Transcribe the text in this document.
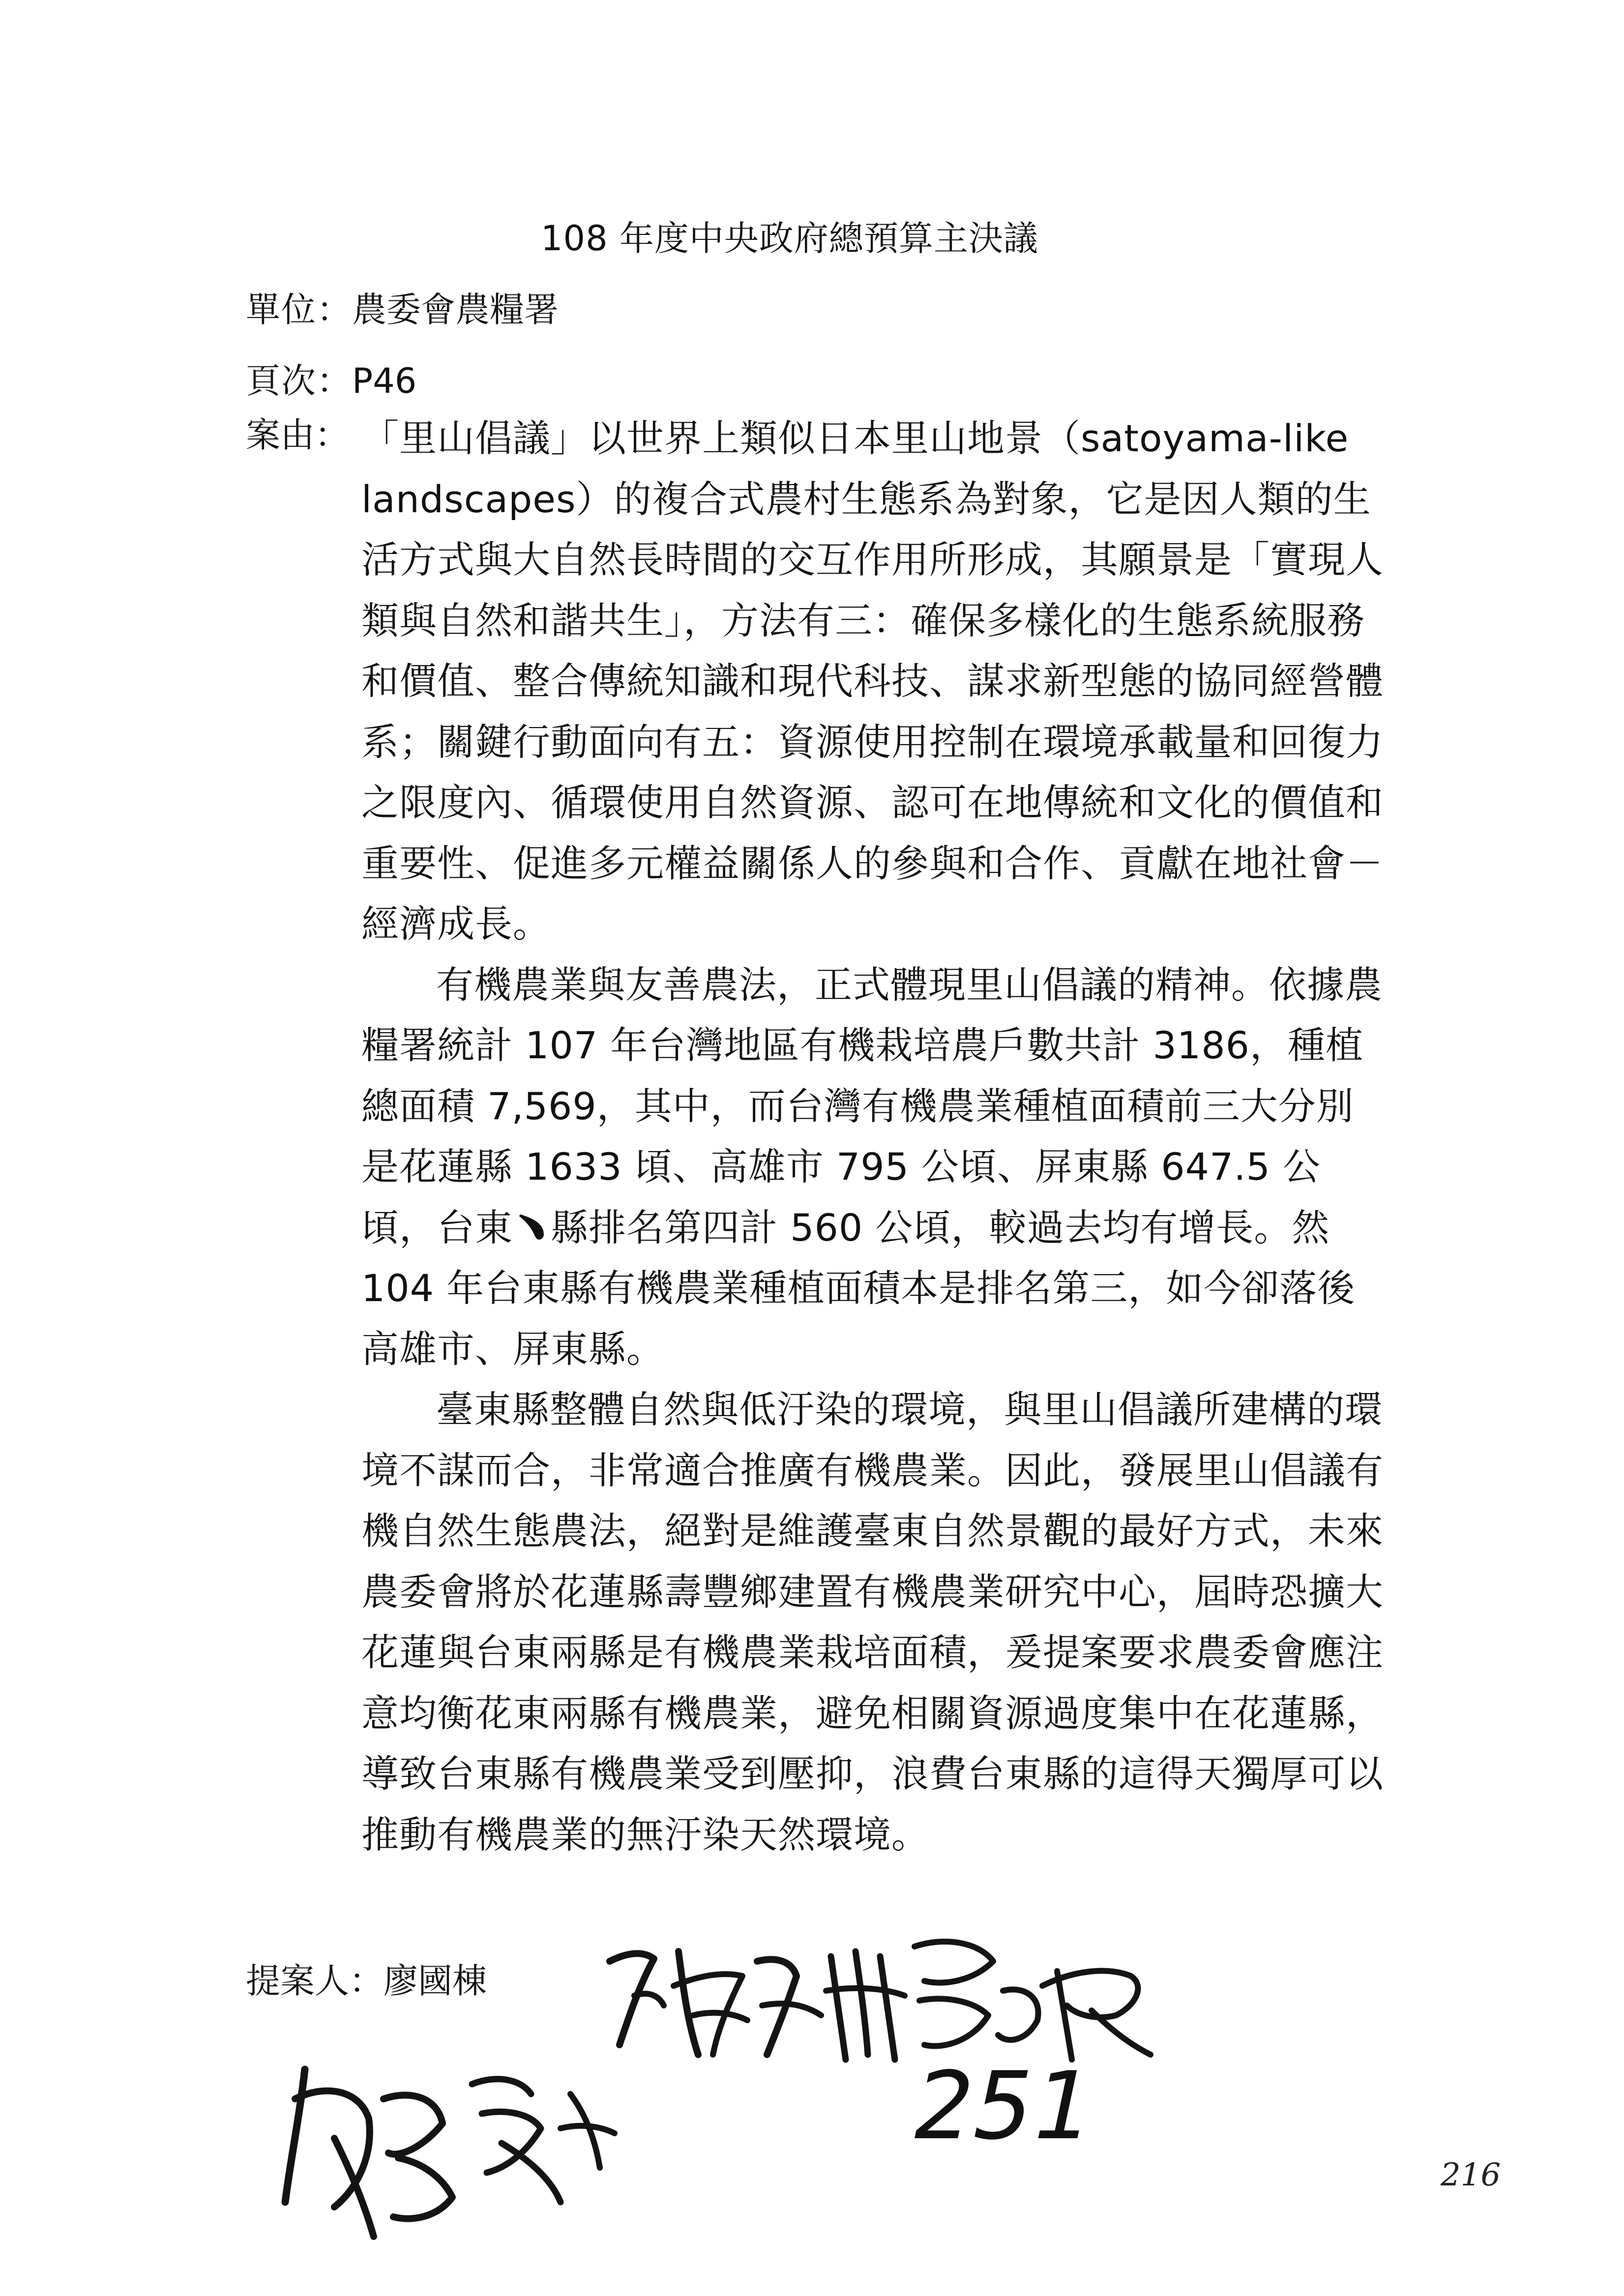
108 年度中央政府總預算主決議
單位：農委會農糧署
頁次：P46
案由： 「里山倡議」以世界上類似日本里山地景（satoyama-like landscapes）的複合式農村生態系為對象，它是因人類的生活方式與大自然長時間的交互作用所形成，其願景是「實現人類與自然和諧共生」，方法有三：確保多樣化的生態系統服務和價值、整合傳統知識和現代科技、謀求新型態的協同經營體系；關鍵行動面向有五：資源使用控制在環境承載量和回復力之限度內、循環使用自然資源、認可在地傳統和文化的價值和重要性、促進多元權益關係人的參與和合作、貢獻在地社會－經濟成長。

有機農業與友善農法，正式體現里山倡議的精神。依據農糧署統計 107 年台灣地區有機栽培農戶數共計 3186，種植總面積 7,569，其中，而台灣有機農業種植面積前三大分別是花蓮縣 1633 頃、高雄市 795 公頃、屏東縣 647.5 公頃，台東﹅縣排名第四計 560 公頃，較過去均有增長。然 104 年台東縣有機農業種植面積本是排名第三，如今卻落後高雄市、屏東縣。

臺東縣整體自然與低汙染的環境，與里山倡議所建構的環境不謀而合，非常適合推廣有機農業。因此，發展里山倡議有機自然生態農法，絕對是維護臺東自然景觀的最好方式，未來農委會將於花蓮縣壽豐鄉建置有機農業研究中心，屆時恐擴大花蓮與台東兩縣是有機農業栽培面積，爰提案要求農委會應注意均衡花東兩縣有機農業，避免相關資源過度集中在花蓮縣，導致台東縣有機農業受到壓抑，浪費台東縣的這得天獨厚可以推動有機農業的無汙染天然環境。

提案人：廖國棟
251
216
